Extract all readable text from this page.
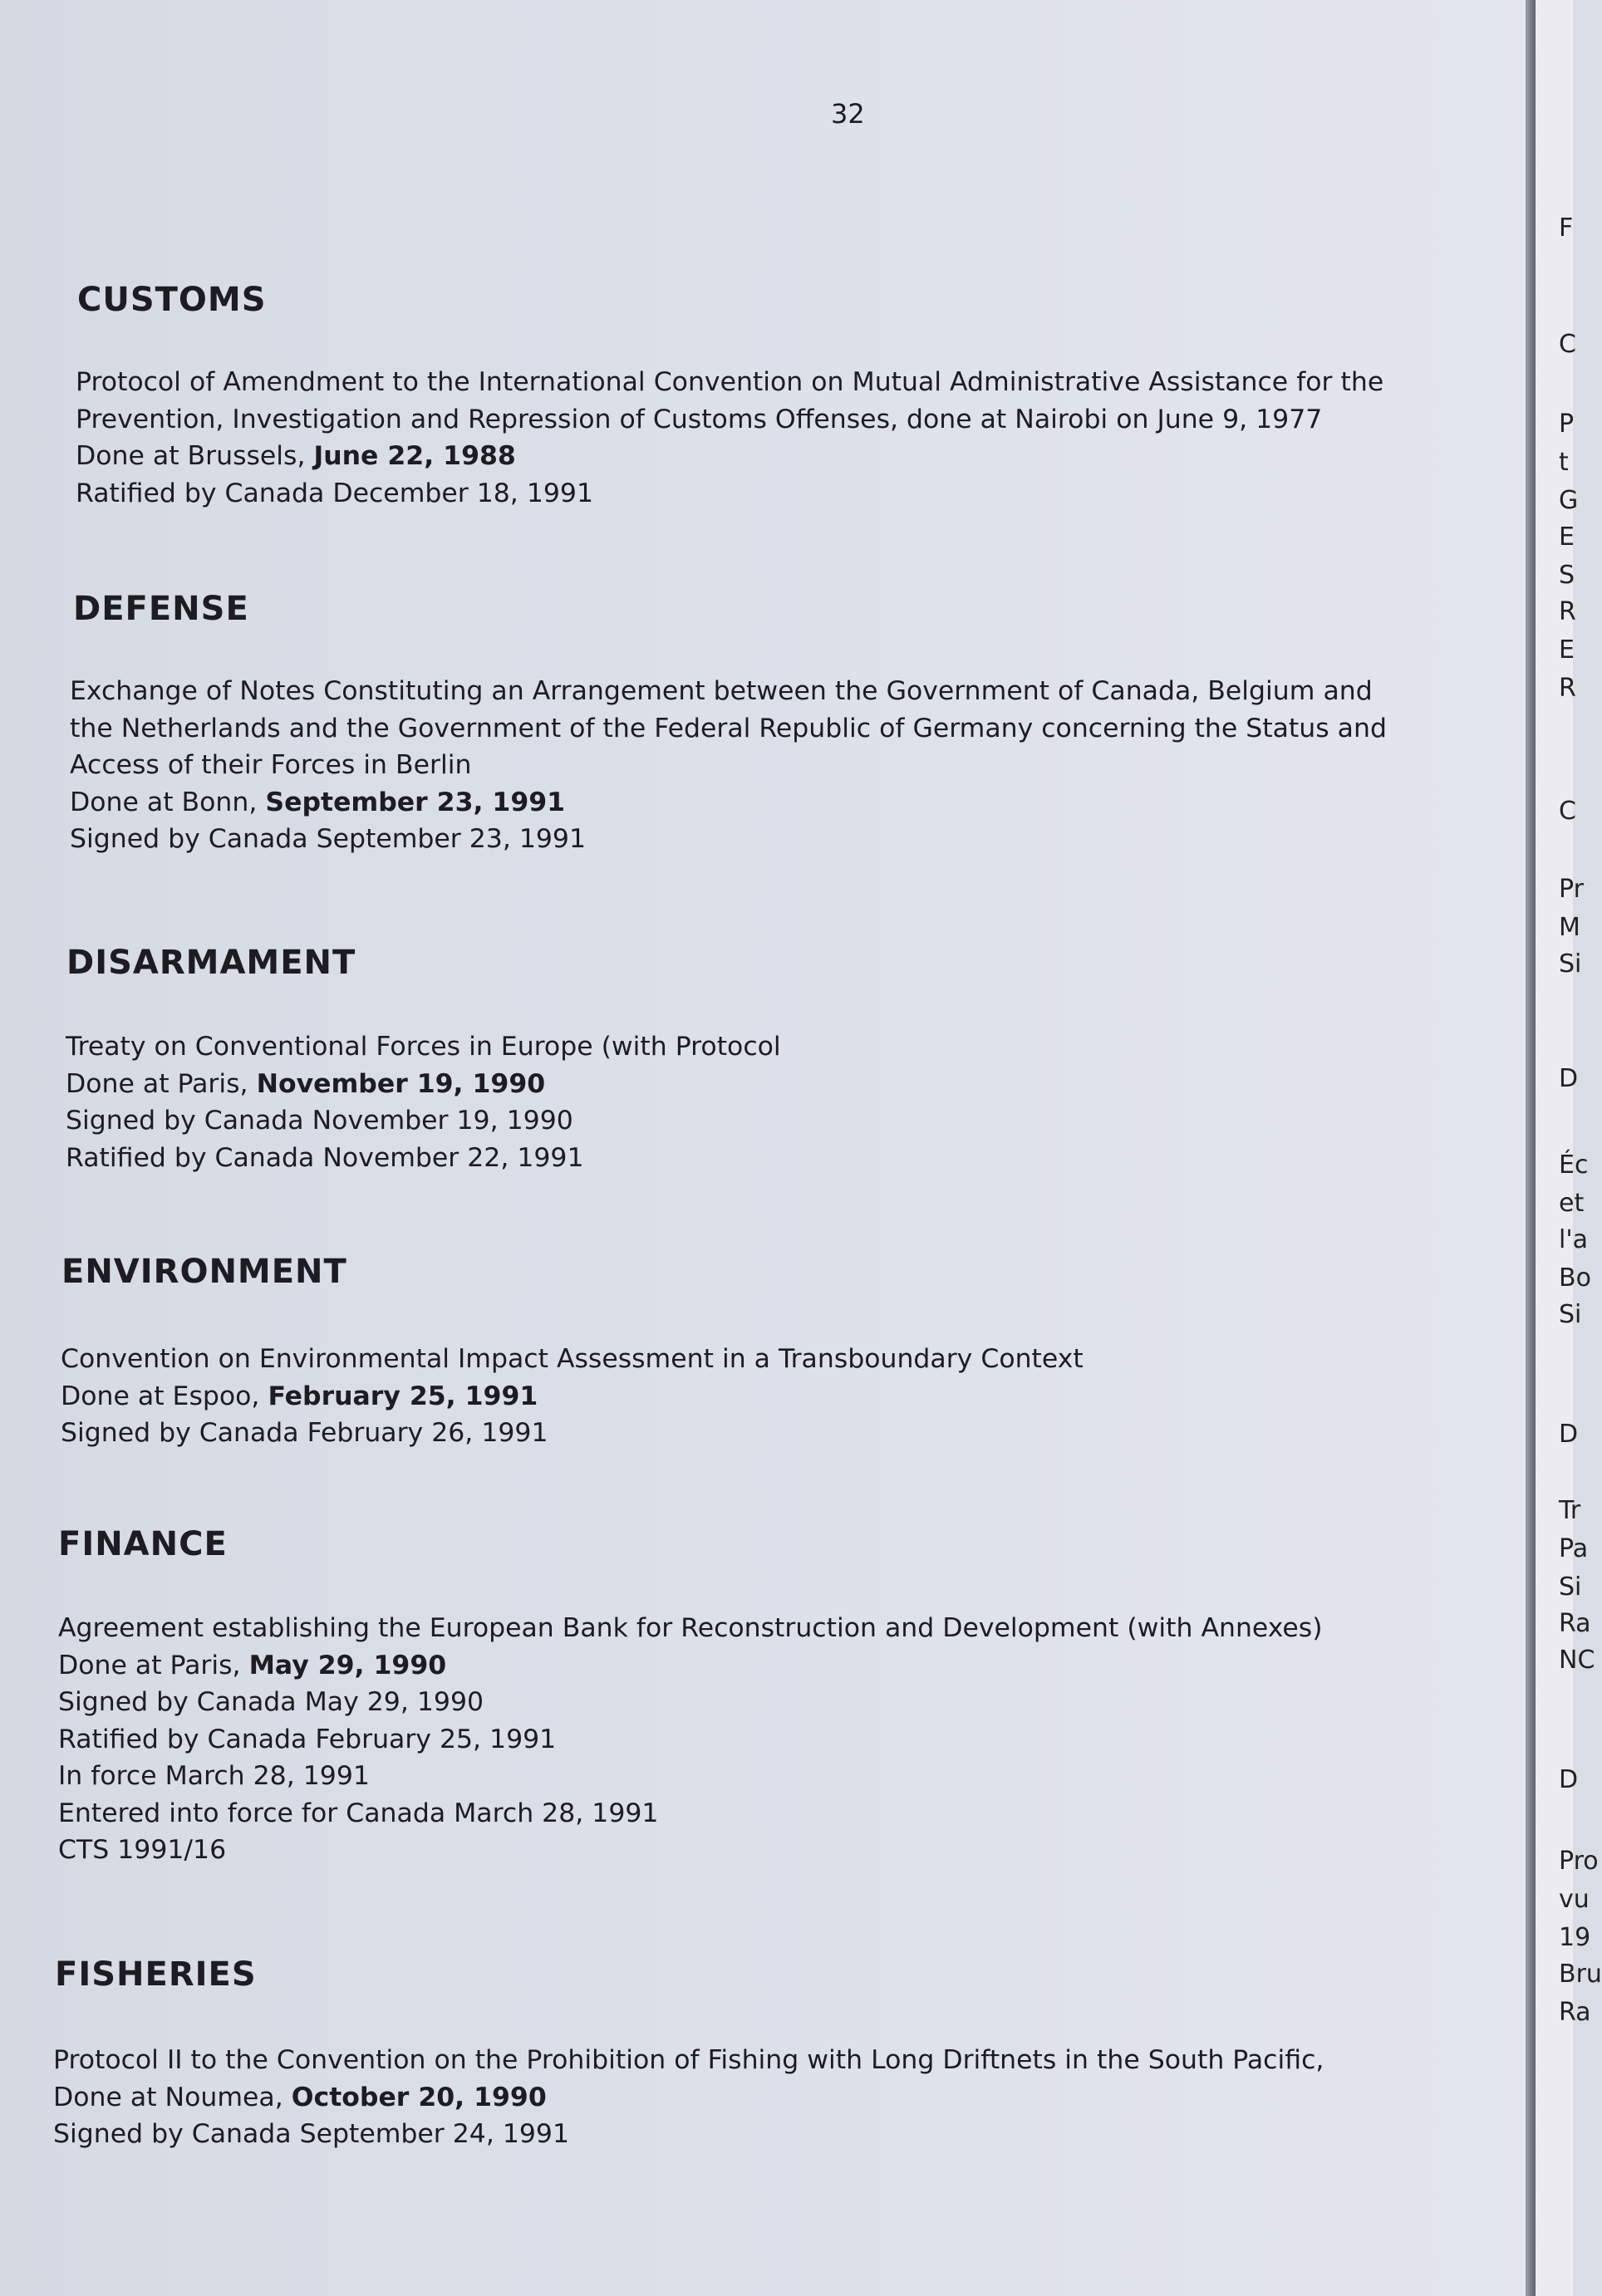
32
CUSTOMS
Protocol of Amendment to the International Convention on Mutual Administrative Assistance for the
Prevention, Investigation and Repression of Customs Offenses, done at Nairobi on June 9, 1977
Done at Brussels, June 22, 1988
Ratified by Canada December 18, 1991
DEFENSE
Exchange of Notes Constituting an Arrangement between the Government of Canada, Belgium and
the Netherlands and the Government of the Federal Republic of Germany concerning the Status and
Access of their Forces in Berlin
Done at Bonn, September 23, 1991
Signed by Canada September 23, 1991
DISARMAMENT
Treaty on Conventional Forces in Europe (with Protocol
Done at Paris, November 19, 1990
Signed by Canada November 19, 1990
Ratified by Canada November 22, 1991
ENVIRONMENT
Convention on Environmental Impact Assessment in a Transboundary Context
Done at Espoo, February 25, 1991
Signed by Canada February 26, 1991
FINANCE
Agreement establishing the European Bank for Reconstruction and Development (with Annexes)
Done at Paris, May 29, 1990
Signed by Canada May 29, 1990
Ratified by Canada February 25, 1991
In force March 28, 1991
Entered into force for Canada March 28, 1991
CTS 1991/16
FISHERIES
Protocol II to the Convention on the Prohibition of Fishing with Long Driftnets in the South Pacific,
Done at Noumea, October 20, 1990
Signed by Canada September 24, 1991
F
C
P
t
G
E
S
R
E
R
C
Pr
M
Si
D
Éc
et
l'a
Bo
Si
D
Tr
Pa
Si
Ra
NC
D
Pro
vu
19
Bru
Ra
